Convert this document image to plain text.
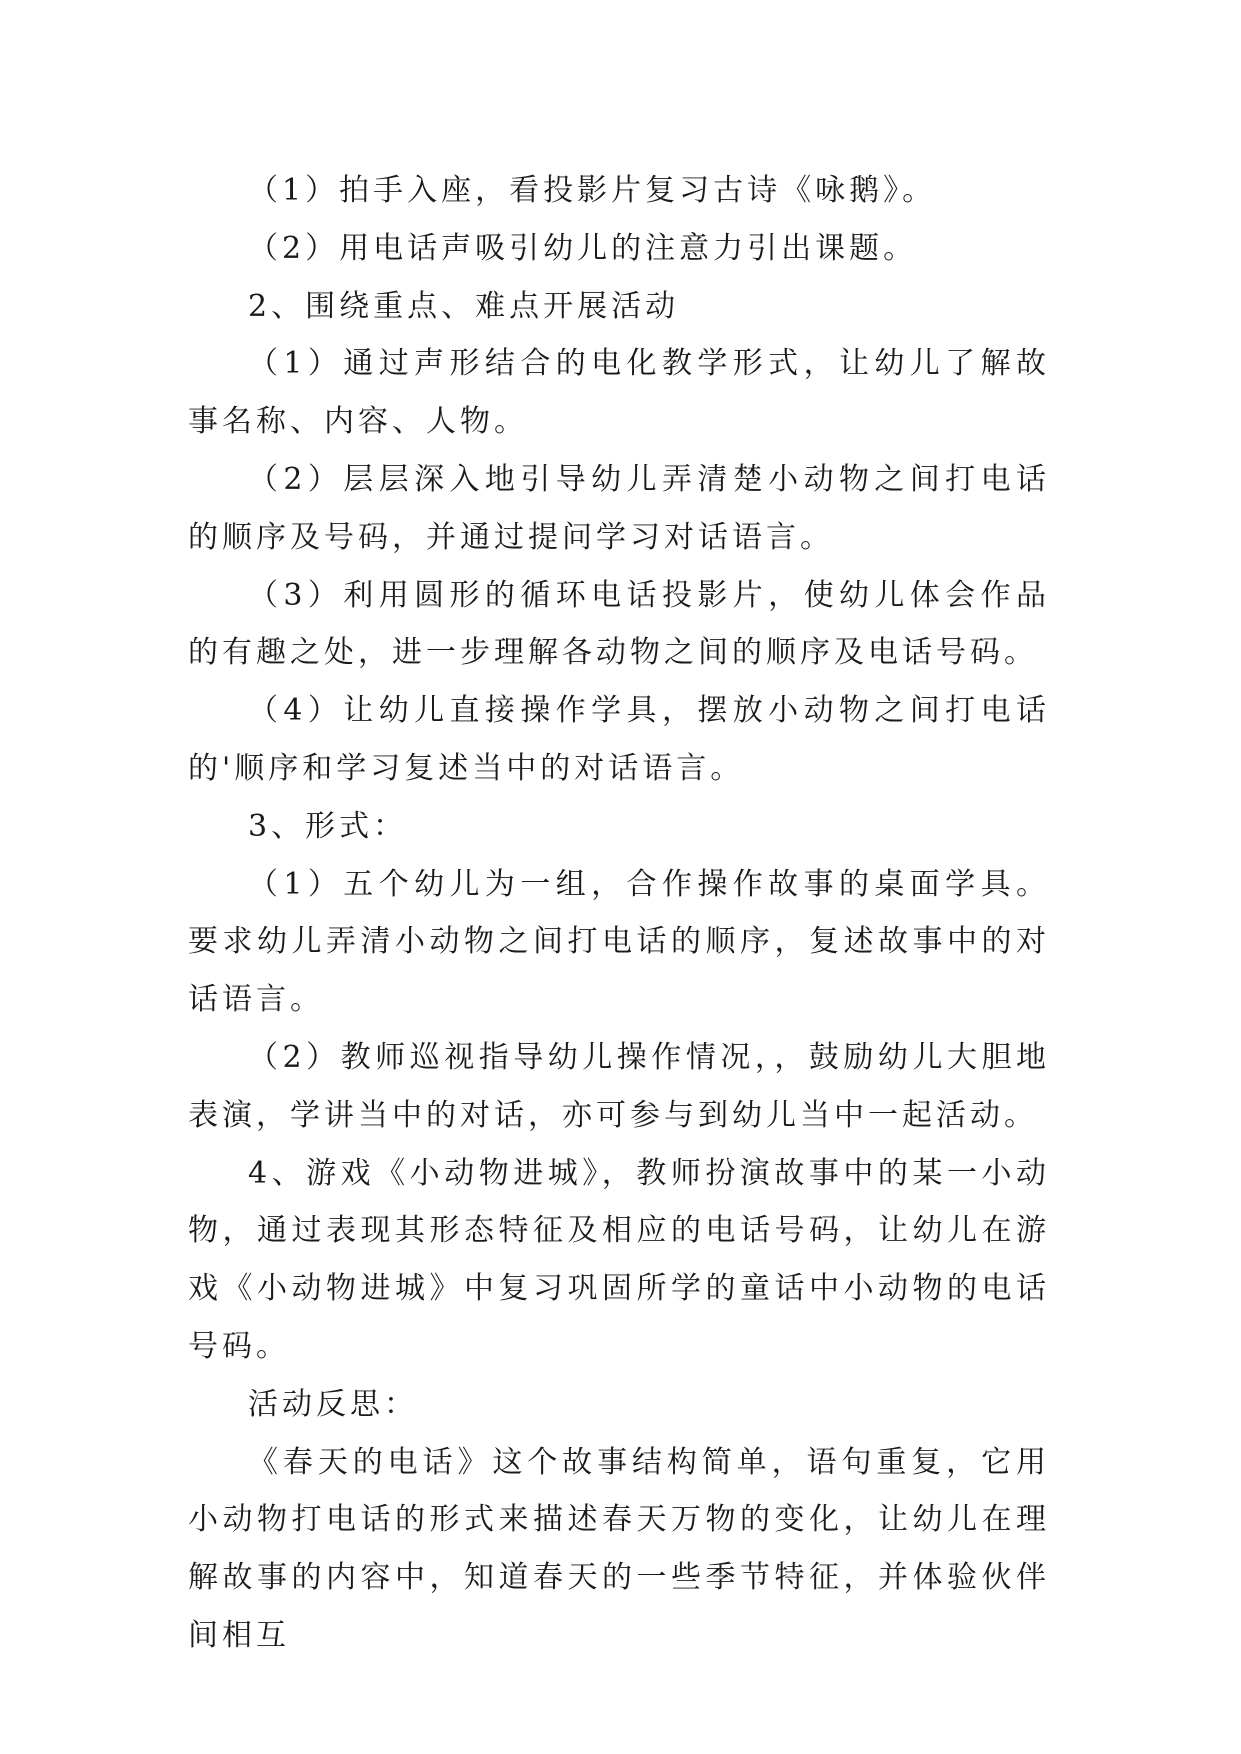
（1）拍手入座，看投影片复习古诗《咏鹅》。

（2）用电话声吸引幼儿的注意力引出课题。

2、围绕重点、难点开展活动

（1）通过声形结合的电化教学形式，让幼儿了解故事名称、内容、人物。

（2）层层深入地引导幼儿弄清楚小动物之间打电话的顺序及号码，并通过提问学习对话语言。

（3）利用圆形的循环电话投影片，使幼儿体会作品的有趣之处，进一步理解各动物之间的顺序及电话号码。

（4）让幼儿直接操作学具，摆放小动物之间打电话的'顺序和学习复述当中的对话语言。

3、形式：

（1）五个幼儿为一组，合作操作故事的桌面学具。要求幼儿弄清小动物之间打电话的顺序，复述故事中的对话语言。

（2）教师巡视指导幼儿操作情况，，鼓励幼儿大胆地表演，学讲当中的对话，亦可参与到幼儿当中一起活动。

4、游戏《小动物进城》，教师扮演故事中的某一小动物，通过表现其形态特征及相应的电话号码，让幼儿在游戏《小动物进城》中复习巩固所学的童话中小动物的电话号码。

活动反思：

《春天的电话》这个故事结构简单，语句重复，它用小动物打电话的形式来描述春天万物的变化，让幼儿在理解故事的内容中，知道春天的一些季节特征，并体验伙伴间相互
